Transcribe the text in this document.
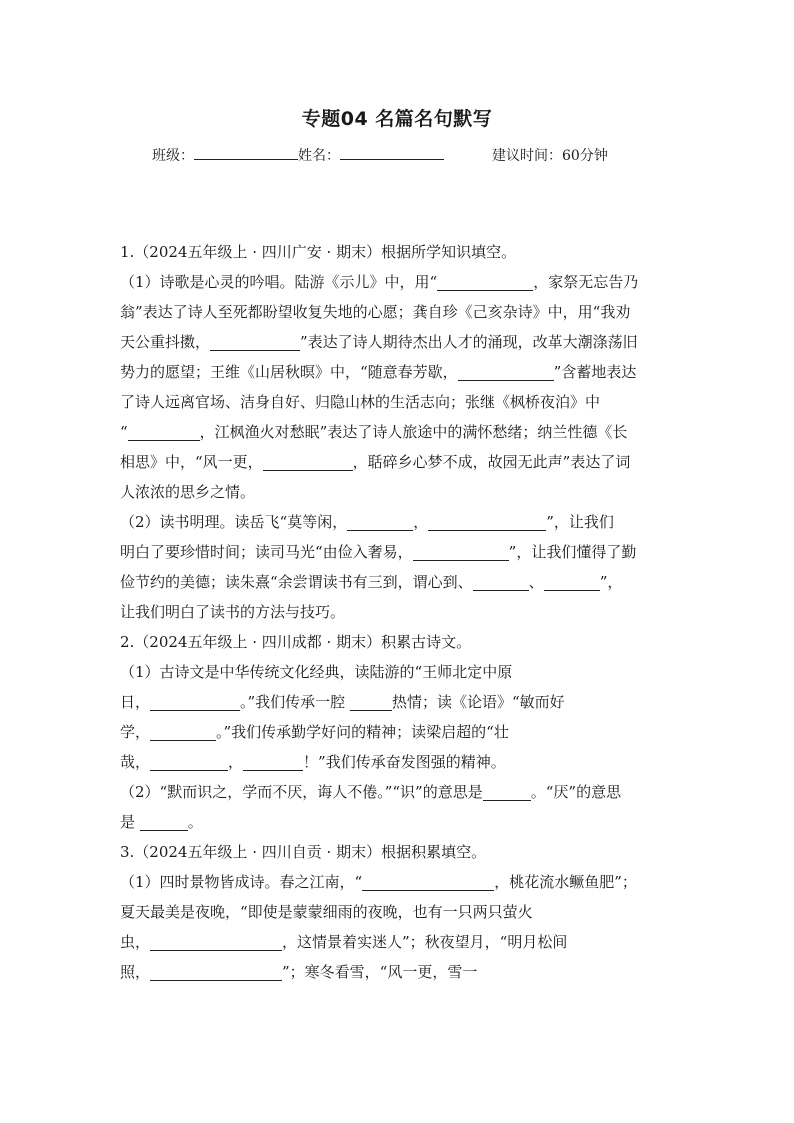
专题04 名篇名句默写
班级：	姓名：	建议时间：60分钟
1.（2024五年级上 · 四川广安 · 期末）根据所学知识填空。
（1）诗歌是心灵的吟唱。陆游《示儿》中，用“	，家祭无忘告乃
翁”表达了诗人至死都盼望收复失地的心愿；龚自珍《己亥杂诗》中，用“我劝
天公重抖擞，	”表达了诗人期待杰出人才的涌现，改革大潮涤荡旧
势力的愿望；王维《山居秋暝》中，“随意春芳歇，	”含蓄地表达
了诗人远离官场、洁身自好、归隐山林的生活志向；张继《枫桥夜泊》中
“	，江枫渔火对愁眠”表达了诗人旅途中的满怀愁绪；纳兰性德《长
相思》中，“风一更，	，聒碎乡心梦不成，故园无此声”表达了词
人浓浓的思乡之情。
（2）读书明理。读岳飞“莫等闲，	，	”，让我们
明白了要珍惜时间；读司马光“由俭入奢易，	”，让我们懂得了勤
俭节约的美德；读朱熹“余尝谓读书有三到，谓心到、	、	”，
让我们明白了读书的方法与技巧。
2.（2024五年级上 · 四川成都 · 期末）积累古诗文。
（1）古诗文是中华传统文化经典，读陆游的“王师北定中原
日，	。”我们传承一腔	热情；读《论语》“敏而好
学，	。”我们传承勤学好问的精神；读梁启超的“壮
哉，	，	！”我们传承奋发图强的精神。
（2）“默而识之，学而不厌，诲人不倦。”“识”的意思是	。“厌”的意思
是	。
3.（2024五年级上 · 四川自贡 · 期末）根据积累填空。
（1）四时景物皆成诗。春之江南，“	，桃花流水鳜鱼肥”；
夏天最美是夜晚，“即使是蒙蒙细雨的夜晚，也有一只两只萤火
虫，	，这情景着实迷人”；秋夜望月，“明月松间
照，	”；寒冬看雪，“风一更，雪一
